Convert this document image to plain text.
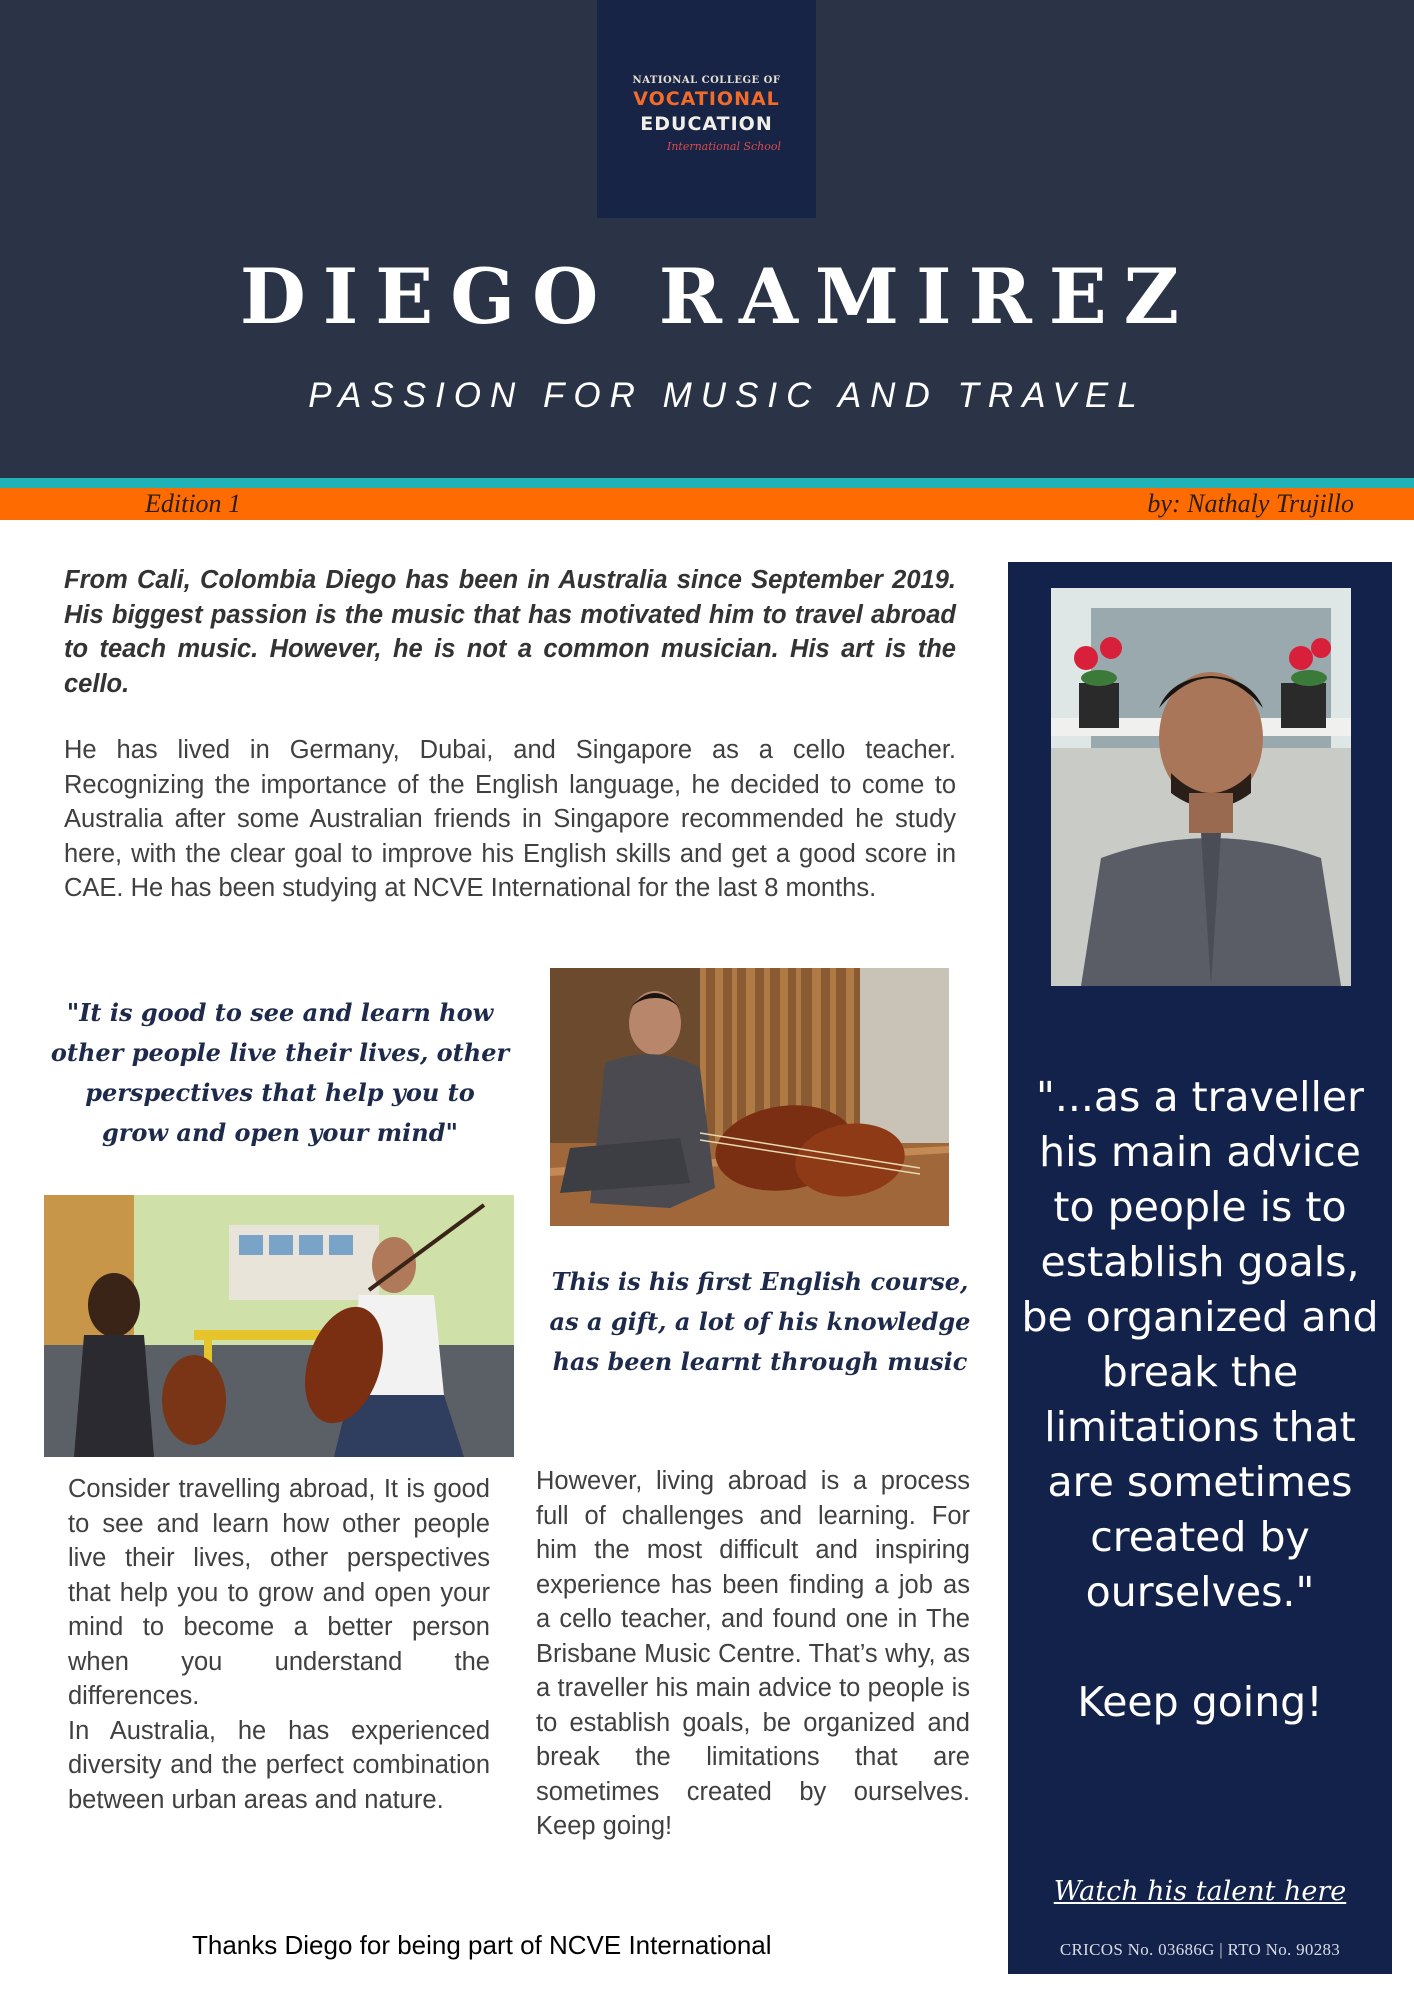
NATIONAL COLLEGE OF
VOCATIONAL
EDUCATION
International School
DIEGO RAMIREZ
PASSION FOR MUSIC AND TRAVEL
Edition 1	by: Nathaly Trujillo
From Cali, Colombia Diego has been in Australia since September 2019. His biggest passion is the music that has motivated him to travel abroad to teach music. However, he is not a common musician. His art is the cello.
He has lived in Germany, Dubai, and Singapore as a cello teacher. Recognizing the importance of the English language, he decided to come to Australia after some Australian friends in Singapore recommended he study here, with the clear goal to improve his English skills and get a good score in CAE. He has been studying at NCVE International for the last 8 months.
"It is good to see and learn how other people live their lives, other perspectives that help you to grow and open your mind"
This is his first English course, as a gift, a lot of his knowledge has been learnt through music
Consider travelling abroad, It is good to see and learn how other people live their lives, other perspectives that help you to grow and open your mind to become a better person when you understand the differences.
In Australia, he has experienced diversity and the perfect combination between urban areas and nature.
However, living abroad is a process full of challenges and learning. For him the most difficult and inspiring experience has been finding a job as a cello teacher, and found one in The Brisbane Music Centre. That’s why, as a traveller his main advice to people is to establish goals, be organized and break the limitations that are sometimes created by ourselves. Keep going!
Thanks Diego for being part of NCVE International
"...as a traveller his main advice to people is to establish goals, be organized and break the limitations that are sometimes created by ourselves."
Keep going!
Watch his talent here
CRICOS No. 03686G | RTO No. 90283
